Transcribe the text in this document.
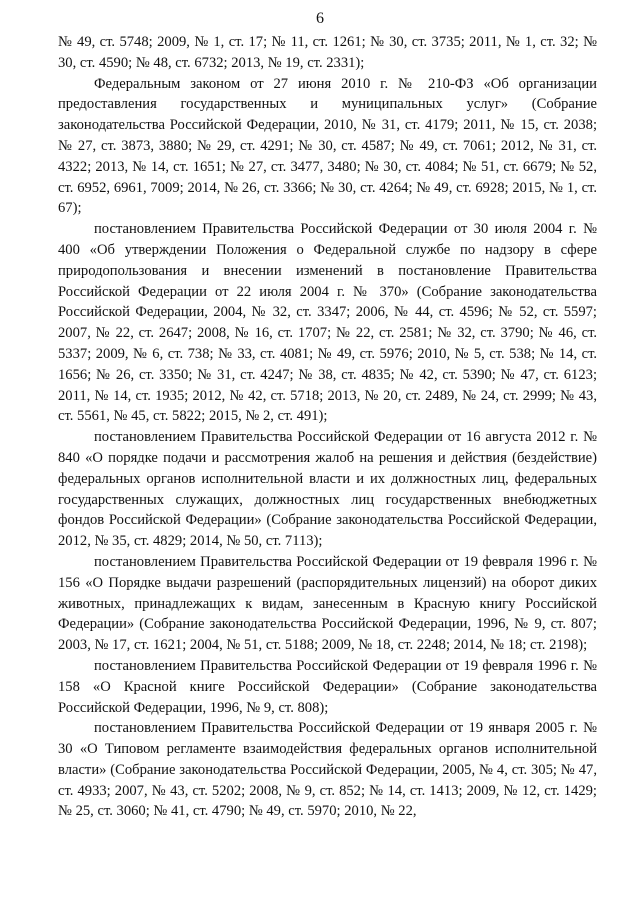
6

№ 49, ст. 5748; 2009, № 1, ст. 17; № 11, ст. 1261; № 30, ст. 3735; 2011, № 1, ст. 32; № 30, ст. 4590; № 48, ст. 6732; 2013, № 19, ст. 2331);

Федеральным законом от 27 июня 2010 г. № 210-ФЗ «Об организации предоставления государственных и муниципальных услуг» (Собрание законодательства Российской Федерации, 2010, № 31, ст. 4179; 2011, № 15, ст. 2038; № 27, ст. 3873, 3880; № 29, ст. 4291; № 30, ст. 4587; № 49, ст. 7061; 2012, № 31, ст. 4322; 2013, № 14, ст. 1651; № 27, ст. 3477, 3480; № 30, ст. 4084; № 51, ст. 6679; № 52, ст. 6952, 6961, 7009; 2014, № 26, ст. 3366; № 30, ст. 4264; № 49, ст. 6928; 2015, № 1, ст. 67);

постановлением Правительства Российской Федерации от 30 июля 2004 г. № 400 «Об утверждении Положения о Федеральной службе по надзору в сфере природопользования и внесении изменений в постановление Правительства Российской Федерации от 22 июля 2004 г. № 370» (Собрание законодательства Российской Федерации, 2004, № 32, ст. 3347; 2006, № 44, ст. 4596; № 52, ст. 5597; 2007, № 22, ст. 2647; 2008, № 16, ст. 1707; № 22, ст. 2581; № 32, ст. 3790; № 46, ст. 5337; 2009, № 6, ст. 738; № 33, ст. 4081; № 49, ст. 5976; 2010, № 5, ст. 538; № 14, ст. 1656; № 26, ст. 3350; № 31, ст. 4247; № 38, ст. 4835; № 42, ст. 5390; № 47, ст. 6123; 2011, № 14, ст. 1935; 2012, № 42, ст. 5718; 2013, № 20, ст. 2489, № 24, ст. 2999; № 43, ст. 5561, № 45, ст. 5822; 2015, № 2, ст. 491);

постановлением Правительства Российской Федерации от 16 августа 2012 г. № 840 «О порядке подачи и рассмотрения жалоб на решения и действия (бездействие) федеральных органов исполнительной власти и их должностных лиц, федеральных государственных служащих, должностных лиц государственных внебюджетных фондов Российской Федерации» (Собрание законодательства Российской Федерации, 2012, № 35, ст. 4829; 2014, № 50, ст. 7113);

постановлением Правительства Российской Федерации от 19 февраля 1996 г. № 156 «О Порядке выдачи разрешений (распорядительных лицензий) на оборот диких животных, принадлежащих к видам, занесенным в Красную книгу Российской Федерации» (Собрание законодательства Российской Федерации, 1996, № 9, ст. 807; 2003, № 17, ст. 1621; 2004, № 51, ст. 5188; 2009, № 18, ст. 2248; 2014, № 18; ст. 2198);

постановлением Правительства Российской Федерации от 19 февраля 1996 г. № 158 «О Красной книге Российской Федерации» (Собрание законодательства Российской Федерации, 1996, № 9, ст. 808);

постановлением Правительства Российской Федерации от 19 января 2005 г. № 30 «О Типовом регламенте взаимодействия федеральных органов исполнительной власти» (Собрание законодательства Российской Федерации, 2005, № 4, ст. 305; № 47, ст. 4933; 2007, № 43, ст. 5202; 2008, № 9, ст. 852; № 14, ст. 1413; 2009, № 12, ст. 1429; № 25, ст. 3060; № 41, ст. 4790; № 49, ст. 5970; 2010, № 22,
